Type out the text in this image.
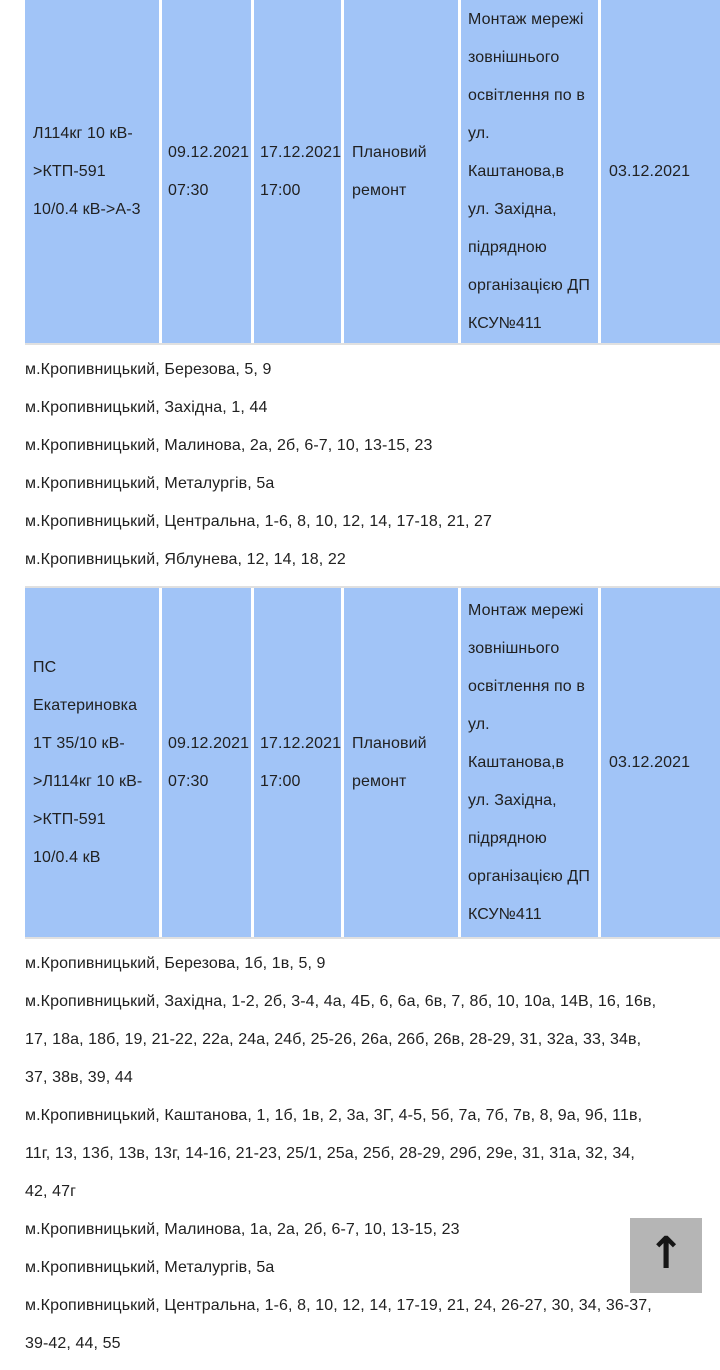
Л114кг 10 кВ->КТП-591 10/0.4 кВ->А-3
09.12.2021 07:30
17.12.2021 17:00
Плановий ремонт
Монтаж мережі зовнішнього освітлення по в ул. Каштанова,в ул. Західна, підрядною організацією ДП КСУ№411
03.12.2021
м.Кропивницький, Березова, 5, 9
м.Кропивницький, Західна, 1, 44
м.Кропивницький, Малинова, 2а, 2б, 6-7, 10, 13-15, 23
м.Кропивницький, Металургів, 5а
м.Кропивницький, Центральна, 1-6, 8, 10, 12, 14, 17-18, 21, 27
м.Кропивницький, Яблунева, 12, 14, 18, 22
ПС Екатериновка 1Т 35/10 кВ->Л114кг 10 кВ->КТП-591 10/0.4 кВ
09.12.2021 07:30
17.12.2021 17:00
Плановий ремонт
Монтаж мережі зовнішнього освітлення по в ул. Каштанова,в ул. Західна, підрядною організацією ДП КСУ№411
03.12.2021
м.Кропивницький, Березова, 1б, 1в, 5, 9
м.Кропивницький, Західна, 1-2, 2б, 3-4, 4а, 4Б, 6, 6а, 6в, 7, 8б, 10, 10а, 14В, 16, 16в, 17, 18а, 18б, 19, 21-22, 22а, 24а, 24б, 25-26, 26а, 26б, 26в, 28-29, 31, 32а, 33, 34в, 37, 38в, 39, 44
м.Кропивницький, Каштанова, 1, 1б, 1в, 2, 3а, 3Г, 4-5, 5б, 7а, 7б, 7в, 8, 9а, 9б, 11в, 11г, 13, 13б, 13в, 13г, 14-16, 21-23, 25/1, 25а, 25б, 28-29, 29б, 29е, 31, 31а, 32, 34, 42, 47г
м.Кропивницький, Малинова, 1а, 2а, 2б, 6-7, 10, 13-15, 23
м.Кропивницький, Металургів, 5а
м.Кропивницький, Центральна, 1-6, 8, 10, 12, 14, 17-19, 21, 24, 26-27, 30, 34, 36-37, 39-42, 44, 55
↑
